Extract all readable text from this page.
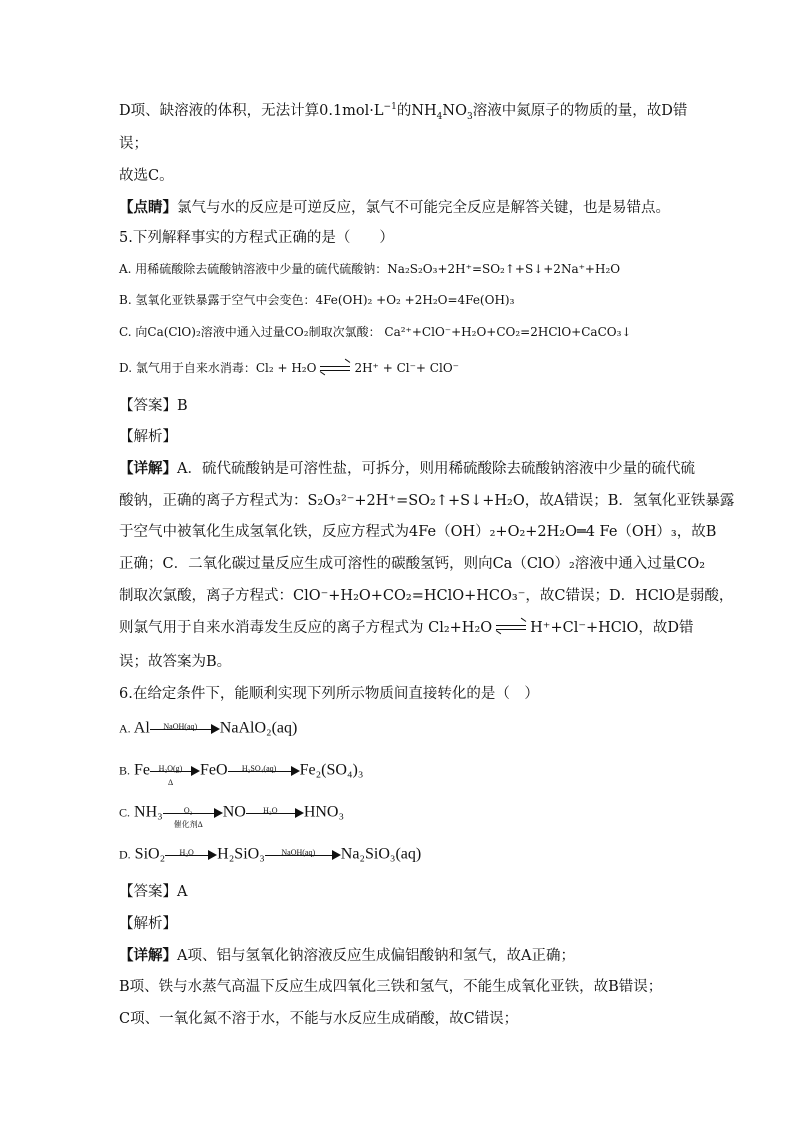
D项、缺溶液的体积，无法计算$0.1mol\cdot L^{-1}$的$NH_4NO_3$溶液中氮原子的物质的量，故D错
误；
故选C。
【点睛】氯气与水的反应是可逆反应，氯气不可能完全反应是解答关键，也是易错点。
5.下列解释事实的方程式正确的是（　　）
A. 用稀硫酸除去硫酸钠溶液中少量的硫代硫酸钠：Na₂S₂O₃+2H⁺=SO₂↑+S↓+2Na⁺+H₂O
B. 氢氧化亚铁暴露于空气中会变色：4Fe(OH)₂ +O₂ +2H₂O=4Fe(OH)₃
C. 向Ca(ClO)₂溶液中通入过量CO₂制取次氯酸： Ca²⁺+ClO⁻+H₂O+CO₂=2HClO+CaCO₃↓
D. 氯气用于自来水消毒：Cl₂ + H₂O	2H⁺ + Cl⁻+ ClO⁻
【答案】B
【解析】
【详解】A．硫代硫酸钠是可溶性盐，可拆分，则用稀硫酸除去硫酸钠溶液中少量的硫代硫
酸钠，正确的离子方程式为：S₂O₃²⁻+2H⁺=SO₂↑+S↓+H₂O，故A错误；B．氢氧化亚铁暴露
于空气中被氧化生成氢氧化铁，反应方程式为4Fe（OH）₂+O₂+2H₂O═4 Fe（OH）₃，故B
正确；C．二氧化碳过量反应生成可溶性的碳酸氢钙，则向Ca（ClO）₂溶液中通入过量CO₂
制取次氯酸，离子方程式：ClO⁻+H₂O+CO₂=HClO+HCO₃⁻，故C错误；D．HClO是弱酸，
则氯气用于自来水消毒发生反应的离子方程式为 Cl₂+H₂O	H⁺+Cl⁻+HClO，故D错
误；故答案为B。
6.在给定条件下，能顺利实现下列所示物质间直接转化的是（　）
A. Al	NaOH(aq)	NaAlO₂(aq)
B. Fe	H₂O(g)
Δ
FeO	H₂SO₄(aq)	Fe₂(SO₄)₃
C. NH₃	O₂
催化剂Δ
NO	H₂O	HNO₃
D. SiO₂	H₂O	H₂SiO₃	NaOH(aq)	Na₂SiO₃(aq)
【答案】A
【解析】
【详解】A项、铝与氢氧化钠溶液反应生成偏铝酸钠和氢气，故A正确；
B项、铁与水蒸气高温下反应生成四氧化三铁和氢气，不能生成氧化亚铁，故B错误；
C项、一氧化氮不溶于水，不能与水反应生成硝酸，故C错误；
